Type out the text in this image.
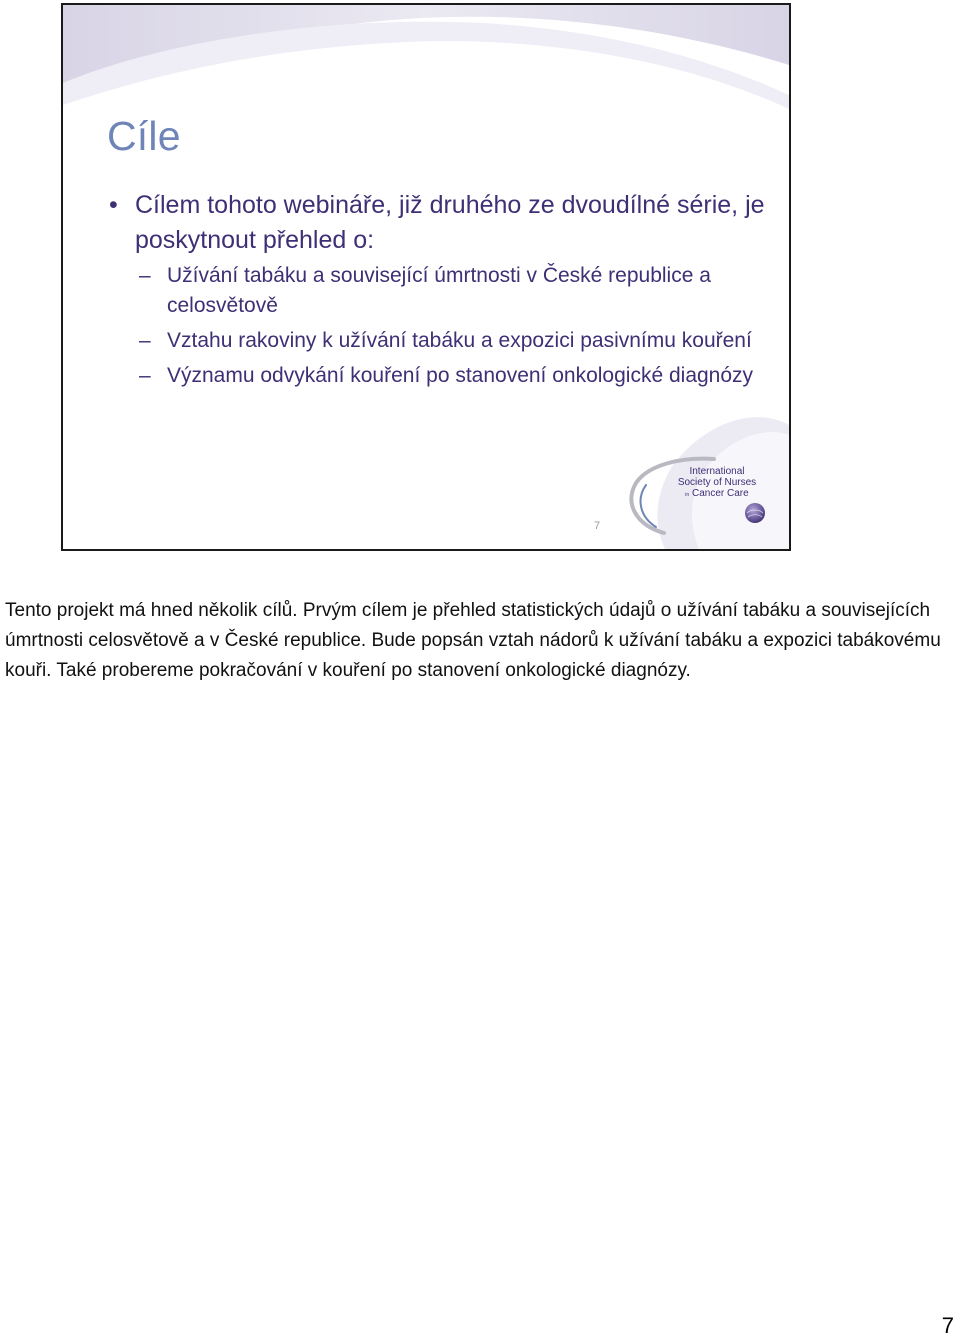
Cíle
• Cílem tohoto webináře, již druhého ze dvoudílné série, je poskytnout přehled o:
– Užívání tabáku a související úmrtnosti v České republice a celosvětově
– Vztahu rakoviny k užívání tabáku a expozici pasivnímu kouření
– Významu odvykání kouření po stanovení onkologické diagnózy
International
Society of Nurses
in Cancer Care
7

Tento projekt má hned několik cílů. Prvým cílem je přehled statistických údajů o užívání tabáku a souvisejících úmrtnosti celosvětově a v České republice. Bude popsán vztah nádorů k užívání tabáku a expozici tabákovému kouři. Také probereme pokračování v kouření po stanovení onkologické diagnózy.

7
